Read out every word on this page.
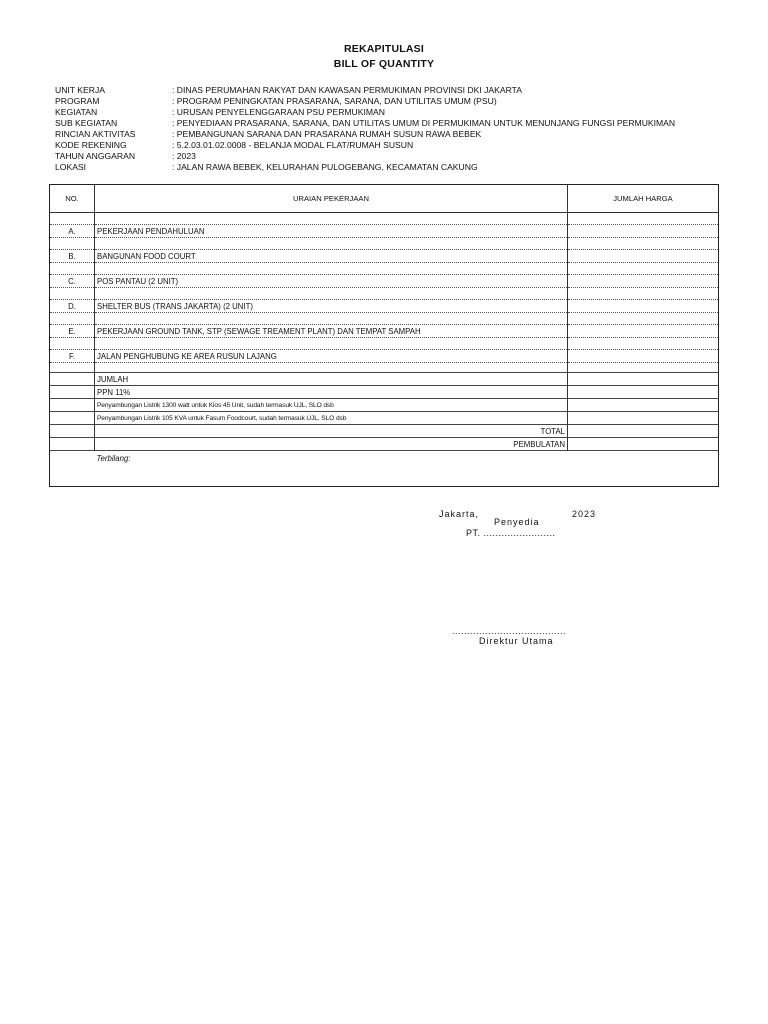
REKAPITULASI
BILL OF QUANTITY
UNIT KERJA	: DINAS PERUMAHAN RAKYAT DAN KAWASAN PERMUKIMAN PROVINSI DKI JAKARTA
PROGRAM	: PROGRAM PENINGKATAN PRASARANA, SARANA, DAN UTILITAS UMUM (PSU)
KEGIATAN	: URUSAN PENYELENGGARAAN PSU PERMUKIMAN
SUB KEGIATAN	: PENYEDIAAN PRASARANA, SARANA, DAN UTILITAS UMUM DI PERMUKIMAN UNTUK MENUNJANG FUNGSI PERMUKIMAN
RINCIAN AKTIVITAS	: PEMBANGUNAN SARANA DAN PRASARANA RUMAH SUSUN RAWA BEBEK
KODE REKENING	: 5.2.03.01.02.0008 - BELANJA MODAL FLAT/RUMAH SUSUN
TAHUN ANGGARAN	: 2023
LOKASI	: JALAN RAWA BEBEK, KELURAHAN PULOGEBANG, KECAMATAN CAKUNG
NO.	URAIAN PEKERJAAN	JUMLAH HARGA

A.	PEKERJAAN PENDAHULUAN	

B.	BANGUNAN FOOD COURT	

C.	POS PANTAU (2 UNIT)	

D.	SHELTER BUS (TRANS JAKARTA) (2 UNIT)	

E.	PEKERJAAN GROUND TANK, STP (SEWAGE TREAMENT PLANT) DAN TEMPAT SAMPAH	

F.	JALAN PENGHUBUNG KE AREA RUSUN LAJANG	

	JUMLAH	
	PPN 11%	
	Penyambungan Listrik 1300 watt untuk Kios 45 Unit, sudah termasuk UJL, SLO dsb	
	Penyambungan Listrik 105 KVA untuk Fasum Foodcourt, sudah termasuk UJL, SLO dsb	
	TOTAL	
	PEMBULATAN	
	Terbilang:	
Jakarta,	2023
Penyedia
PT. ........................
......................................
Direktur Utama
